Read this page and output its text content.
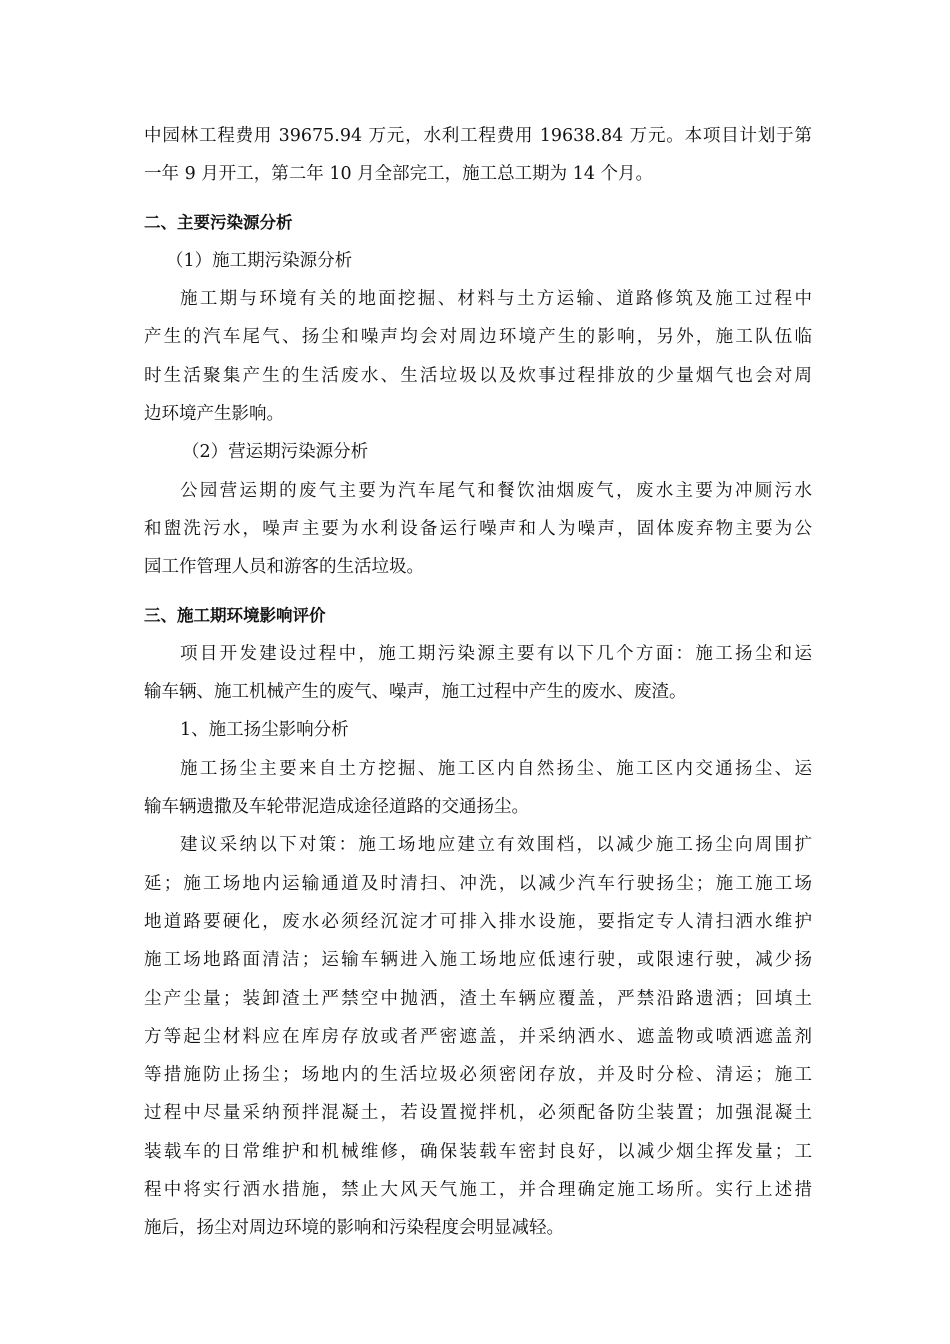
中园林工程费用 39675.94 万元，水利工程费用 19638.84 万元。本项目计划于第
一年 9 月开工，第二年 10 月全部完工，施工总工期为 14 个月。
二、主要污染源分析
（1）施工期污染源分析
施工期与环境有关的地面挖掘、材料与土方运输、道路修筑及施工过程中
产生的汽车尾气、扬尘和噪声均会对周边环境产生的影响，另外，施工队伍临
时生活聚集产生的生活废水、生活垃圾以及炊事过程排放的少量烟气也会对周
边环境产生影响。
（2）营运期污染源分析
公园营运期的废气主要为汽车尾气和餐饮油烟废气，废水主要为冲厕污水
和盥洗污水，噪声主要为水利设备运行噪声和人为噪声，固体废弃物主要为公
园工作管理人员和游客的生活垃圾。
三、施工期环境影响评价
项目开发建设过程中，施工期污染源主要有以下几个方面：施工扬尘和运
输车辆、施工机械产生的废气、噪声，施工过程中产生的废水、废渣。
1、施工扬尘影响分析
施工扬尘主要来自土方挖掘、施工区内自然扬尘、施工区内交通扬尘、运
输车辆遗撒及车轮带泥造成途径道路的交通扬尘。
建议采纳以下对策：施工场地应建立有效围档，以减少施工扬尘向周围扩
延；施工场地内运输通道及时清扫、冲洗，以减少汽车行驶扬尘；施工施工场
地道路要硬化，废水必须经沉淀才可排入排水设施，要指定专人清扫洒水维护
施工场地路面清洁；运输车辆进入施工场地应低速行驶，或限速行驶，减少扬
尘产尘量；装卸渣土严禁空中抛洒，渣土车辆应覆盖，严禁沿路遗洒；回填土
方等起尘材料应在库房存放或者严密遮盖，并采纳洒水、遮盖物或喷洒遮盖剂
等措施防止扬尘；场地内的生活垃圾必须密闭存放，并及时分检、清运；施工
过程中尽量采纳预拌混凝土，若设置搅拌机，必须配备防尘装置；加强混凝土
装载车的日常维护和机械维修，确保装载车密封良好，以减少烟尘挥发量；工
程中将实行洒水措施，禁止大风天气施工，并合理确定施工场所。实行上述措
施后，扬尘对周边环境的影响和污染程度会明显减轻。
